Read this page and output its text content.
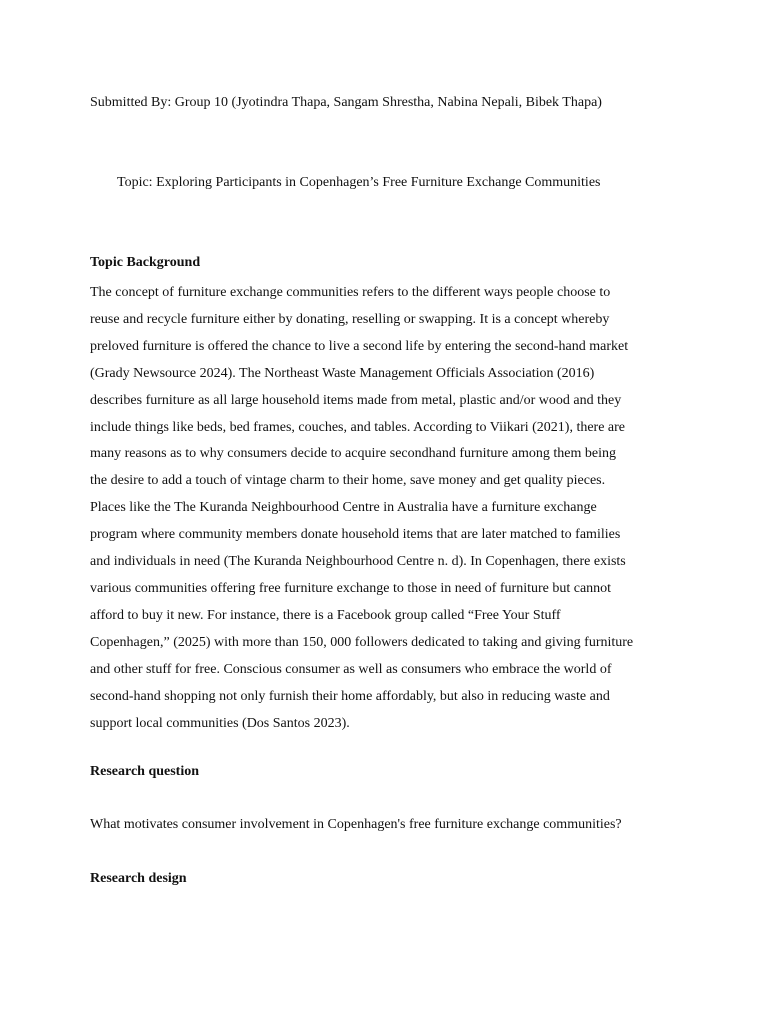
Submitted By: Group 10 (Jyotindra Thapa, Sangam Shrestha, Nabina Nepali, Bibek Thapa)
Topic: Exploring Participants in Copenhagen’s Free Furniture Exchange Communities
Topic Background
The concept of furniture exchange communities refers to the different ways people choose to
reuse and recycle furniture either by donating, reselling or swapping. It is a concept whereby
preloved furniture is offered the chance to live a second life by entering the second-hand market
(Grady Newsource 2024). The Northeast Waste Management Officials Association (2016)
describes furniture as all large household items made from metal, plastic and/or wood and they
include things like beds, bed frames, couches, and tables. According to Viikari (2021), there are
many reasons as to why consumers decide to acquire secondhand furniture among them being
the desire to add a touch of vintage charm to their home, save money and get quality pieces.
Places like the The Kuranda Neighbourhood Centre in Australia have a furniture exchange
program where community members donate household items that are later matched to families
and individuals in need (The Kuranda Neighbourhood Centre n. d). In Copenhagen, there exists
various communities offering free furniture exchange to those in need of furniture but cannot
afford to buy it new. For instance, there is a Facebook group called “Free Your Stuff
Copenhagen,” (2025) with more than 150, 000 followers dedicated to taking and giving furniture
and other stuff for free. Conscious consumer as well as consumers who embrace the world of
second-hand shopping not only furnish their home affordably, but also in reducing waste and
support local communities (Dos Santos 2023).
Research question
What motivates consumer involvement in Copenhagen's free furniture exchange communities?
Research design
